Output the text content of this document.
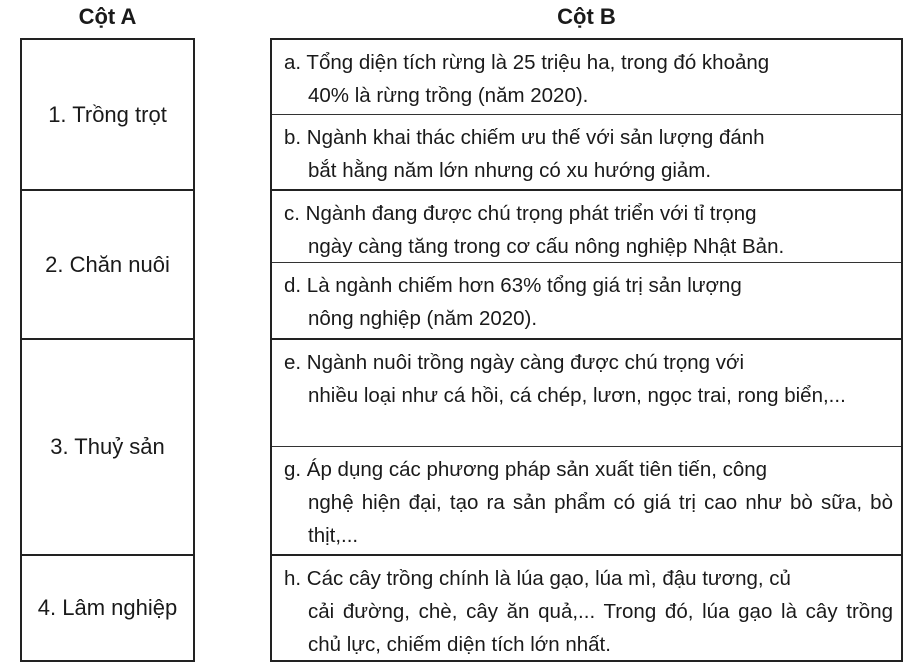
Cột A	Cột B
1. Trồng trọt
2. Chăn nuôi
3. Thuỷ sản
4. Lâm nghiệp
a. Tổng diện tích rừng là 25 triệu ha, trong đó khoảng
40% là rừng trồng (năm 2020).
b. Ngành khai thác chiếm ưu thế với sản lượng đánh
bắt hằng năm lớn nhưng có xu hướng giảm.
c. Ngành đang được chú trọng phát triển với tỉ trọng
ngày càng tăng trong cơ cấu nông nghiệp Nhật Bản.
d. Là ngành chiếm hơn 63% tổng giá trị sản lượng
nông nghiệp (năm 2020).
e. Ngành nuôi trồng ngày càng được chú trọng với
nhiều loại như cá hồi, cá chép, lươn, ngọc trai, rong biển,...
g. Áp dụng các phương pháp sản xuất tiên tiến, công
nghệ hiện đại, tạo ra sản phẩm có giá trị cao như bò sữa, bò thịt,...
h. Các cây trồng chính là lúa gạo, lúa mì, đậu tương, củ
cải đường, chè, cây ăn quả,... Trong đó, lúa gạo là cây trồng chủ lực, chiếm diện tích lớn nhất.
